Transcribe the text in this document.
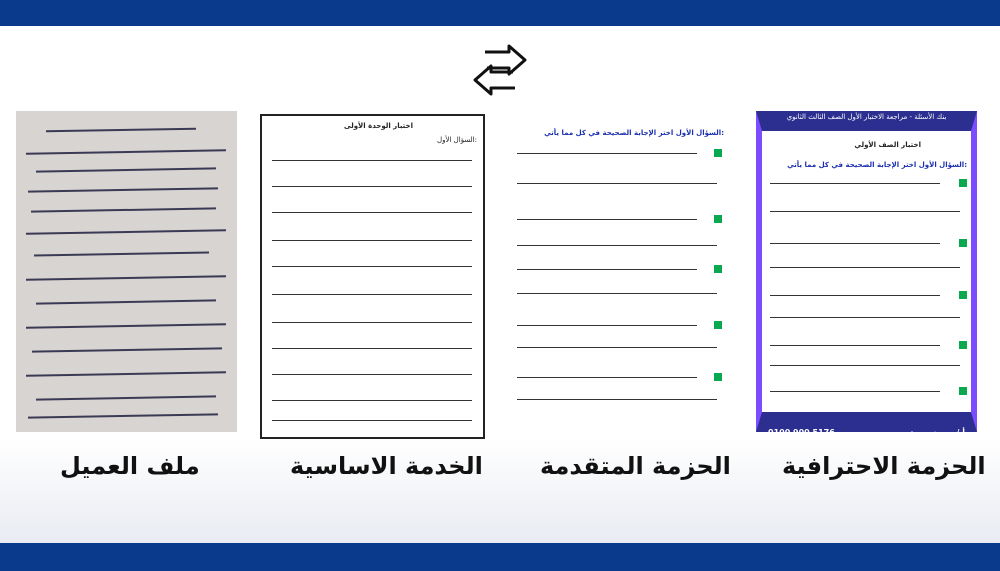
اختبار الوحدة الأولى
السؤال الأول:
السؤال الأول اختر الإجابة الصحيحة في كل مما يأتي:
بنك الأسئلة - مراجعة الاختبار الأول الصف الثالث الثانوي
اختبار الصف الأولي
السؤال الأول اختر الإجابة الصحيحة في كل مما يأتي:
0100 900 5176	أ / محمد جمعة
ملف العميل	الخدمة الاساسية الحزمة المتقدمة الحزمة الاحترافية
